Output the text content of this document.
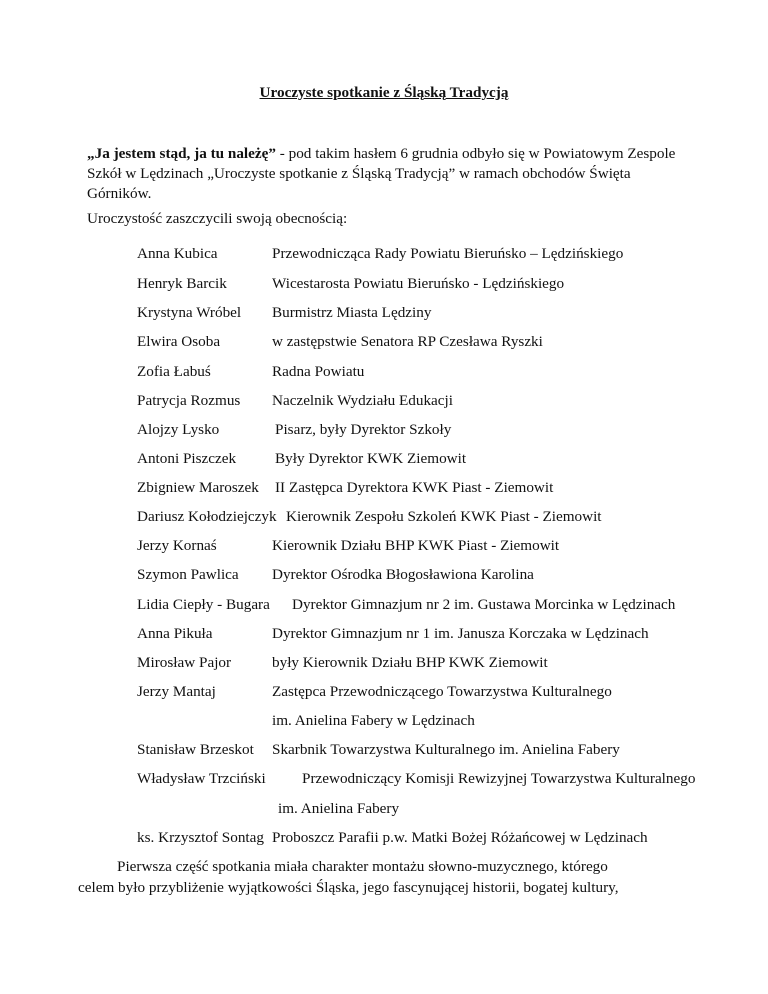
Uroczyste spotkanie z Śląską Tradycją
„Ja jestem stąd, ja tu należę” - pod takim hasłem 6 grudnia odbyło się w Powiatowym Zespole Szkół w Lędzinach „Uroczyste spotkanie z Śląską Tradycją” w ramach obchodów Święta Górników.
Uroczystość zaszczycili swoją obecnością:
Anna Kubica	Przewodnicząca Rady Powiatu Bieruńsko – Lędzińskiego
Henryk Barcik	Wicestarosta Powiatu Bieruńsko - Lędzińskiego
Krystyna Wróbel Burmistrz Miasta Lędziny
Elwira Osoba	w zastępstwie Senatora RP Czesława Ryszki
Zofia Łabuś	Radna Powiatu
Patrycja Rozmus Naczelnik Wydziału Edukacji
Alojzy Lysko	Pisarz, były Dyrektor Szkoły
Antoni Piszczek	Były Dyrektor KWK Ziemowit
Zbigniew Maroszek II Zastępca Dyrektora KWK Piast - Ziemowit
Dariusz Kołodziejczyk Kierownik Zespołu Szkoleń KWK Piast - Ziemowit
Jerzy Kornaś	Kierownik Działu BHP KWK Piast - Ziemowit
Szymon Pawlica Dyrektor Ośrodka Błogosławiona Karolina
Lidia Ciepły - Bugara Dyrektor Gimnazjum nr 2 im. Gustawa Morcinka w Lędzinach
Anna Pikuła	Dyrektor Gimnazjum nr 1 im. Janusza Korczaka w Lędzinach
Mirosław Pajor	były Kierownik Działu BHP KWK Ziemowit
Jerzy Mantaj	Zastępca Przewodniczącego Towarzystwa Kulturalnego
im. Anielina Fabery w Lędzinach
Stanisław Brzeskot Skarbnik Towarzystwa Kulturalnego im. Anielina Fabery
Władysław Trzciński Przewodniczący Komisji Rewizyjnej Towarzystwa Kulturalnego
im. Anielina Fabery
ks. Krzysztof Sontag Proboszcz Parafii p.w. Matki Bożej Różańcowej w Lędzinach
Pierwsza część spotkania miała charakter montażu słowno-muzycznego, którego
celem było przybliżenie wyjątkowości Śląska, jego fascynującej historii, bogatej kultury,
